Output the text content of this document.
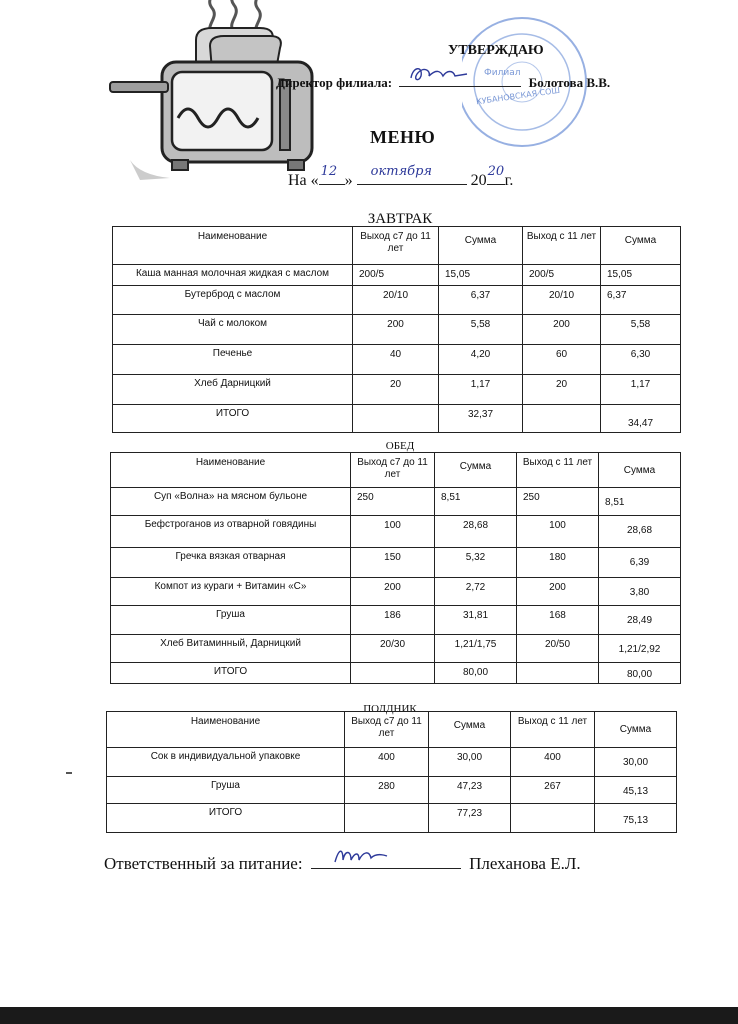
Филиал
КУБАНОВСКАЯ СОШ
УТВЕРЖДАЮ
Директор филиала:	Болотова В.В.
МЕНЮ
На «
12
»
октября
20
20
г.
ЗАВТРАК
Наименование	Выход с7 до 11 лет	Сумма	Выход с 11 лет	Сумма
Каша манная молочная жидкая с маслом	200/5	15,05	200/5	15,05
Бутерброд с маслом	20/10	6,37	20/10	6,37
Чай с молоком	200	5,58	200	5,58
Печенье	40	4,20	60	6,30
Хлеб Дарницкий	20	1,17	20	1,17
ИТОГО		32,37		34,47
ОБЕД
Наименование	Выход с7 до 11 лет	Сумма	Выход с 11 лет	Сумма
Суп «Волна» на мясном бульоне	250	8,51	250	8,51
Бефстроганов из отварной говядины	100	28,68	100	28,68
Гречка вязкая отварная	150	5,32	180	6,39
Компот из кураги + Витамин «С»	200	2,72	200	3,80
Груша	186	31,81	168	28,49
Хлеб Витаминный, Дарницкий	20/30	1,21/1,75	20/50	1,21/2,92
ИТОГО		80,00		80,00
ПОЛДНИК
Наименование	Выход с7 до 11 лет	Сумма	Выход с 11 лет	Сумма
Сок в индивидуальной упаковке	400	30,00	400	30,00
Груша	280	47,23	267	45,13
ИТОГО		77,23		75,13
Ответственный за питание:	Плеханова Е.Л.
